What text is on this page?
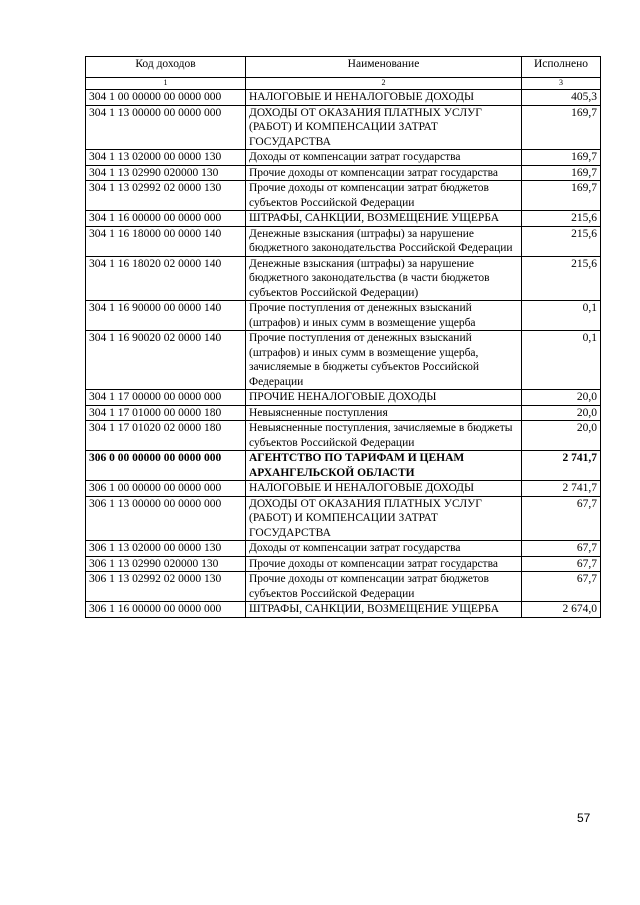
Код доходов	Наименование	Исполнено
1	2	3
304 1 00 00000 00 0000 000	НАЛОГОВЫЕ И НЕНАЛОГОВЫЕ ДОХОДЫ	405,3
304 1 13 00000 00 0000 000	ДОХОДЫ ОТ ОКАЗАНИЯ ПЛАТНЫХ УСЛУГ (РАБОТ) И КОМПЕНСАЦИИ ЗАТРАТ ГОСУДАРСТВА	169,7
304 1 13 02000 00 0000 130	Доходы от компенсации затрат государства	169,7
304 1 13 02990 020000 130	Прочие доходы от компенсации затрат государства	169,7
304 1 13 02992 02 0000 130	Прочие доходы от компенсации затрат бюджетов субъектов Российской Федерации	169,7
304 1 16 00000 00 0000 000	ШТРАФЫ, САНКЦИИ, ВОЗМЕЩЕНИЕ УЩЕРБА	215,6
304 1 16 18000 00 0000 140	Денежные взыскания (штрафы) за нарушение бюджетного законодательства Российской Федерации	215,6
304 1 16 18020 02 0000 140	Денежные взыскания (штрафы) за нарушение бюджетного законодательства (в части бюджетов субъектов Российской Федерации)	215,6
304 1 16 90000 00 0000 140	Прочие поступления от денежных взысканий (штрафов) и иных сумм в возмещение ущерба	0,1
304 1 16 90020 02 0000 140	Прочие поступления от денежных взысканий (штрафов) и иных сумм в возмещение ущерба, зачисляемые в бюджеты субъектов Российской Федерации	0,1
304 1 17 00000 00 0000 000	ПРОЧИЕ НЕНАЛОГОВЫЕ ДОХОДЫ	20,0
304 1 17 01000 00 0000 180	Невыясненные поступления	20,0
304 1 17 01020 02 0000 180	Невыясненные поступления, зачисляемые в бюджеты субъектов Российской Федерации	20,0
306 0 00 00000 00 0000 000	АГЕНТСТВО ПО ТАРИФАМ И ЦЕНАМ АРХАНГЕЛЬСКОЙ ОБЛАСТИ	2 741,7
306 1 00 00000 00 0000 000	НАЛОГОВЫЕ И НЕНАЛОГОВЫЕ ДОХОДЫ	2 741,7
306 1 13 00000 00 0000 000	ДОХОДЫ ОТ ОКАЗАНИЯ ПЛАТНЫХ УСЛУГ (РАБОТ) И КОМПЕНСАЦИИ ЗАТРАТ ГОСУДАРСТВА	67,7
306 1 13 02000 00 0000 130	Доходы от компенсации затрат государства	67,7
306 1 13 02990 020000 130	Прочие доходы от компенсации затрат государства	67,7
306 1 13 02992 02 0000 130	Прочие доходы от компенсации затрат бюджетов субъектов Российской Федерации	67,7
306 1 16 00000 00 0000 000	ШТРАФЫ, САНКЦИИ, ВОЗМЕЩЕНИЕ УЩЕРБА	2 674,0
57
